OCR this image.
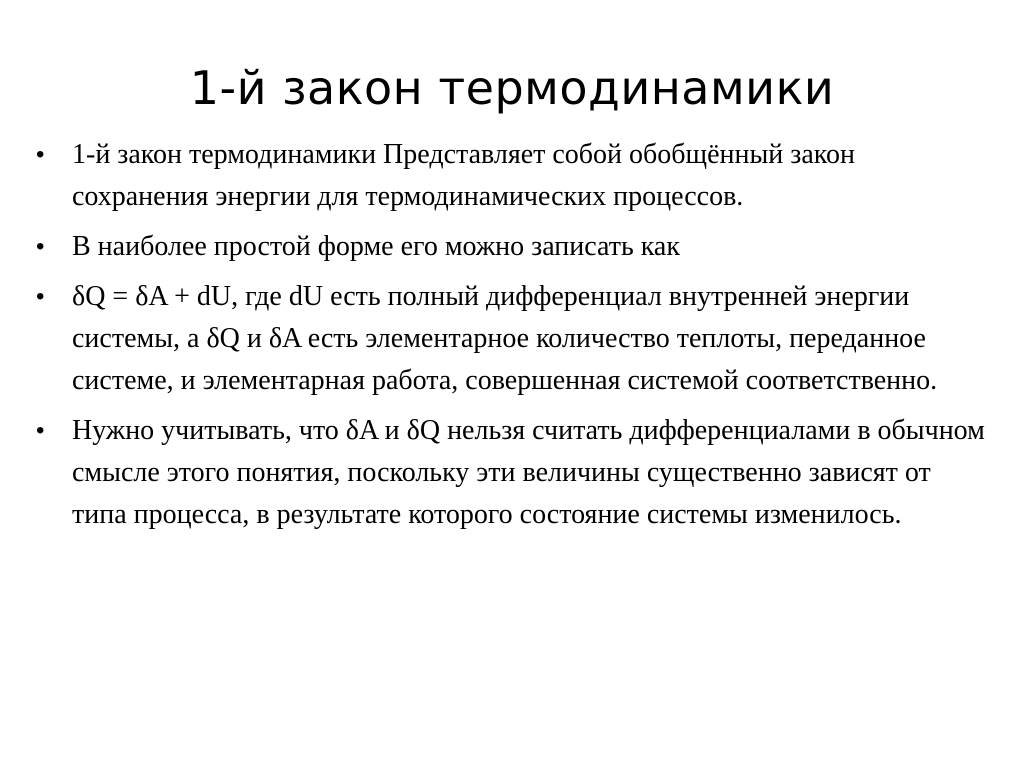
1-й закон термодинамики
• 1-й закон термодинамики Представляет собой обобщённый закон сохранения энергии для термодинамических процессов.
• В наиболее простой форме его можно записать как
• δQ = δA + dU, где dU есть полный дифференциал внутренней энергии системы, а δQ и δA есть элементарное количество теплоты, переданное системе, и элементарная работа, совершенная системой соответственно.
• Нужно учитывать, что δA и δQ нельзя считать дифференциалами в обычном смысле этого понятия, поскольку эти величины существенно зависят от типа процесса, в результате которого состояние системы изменилось.
